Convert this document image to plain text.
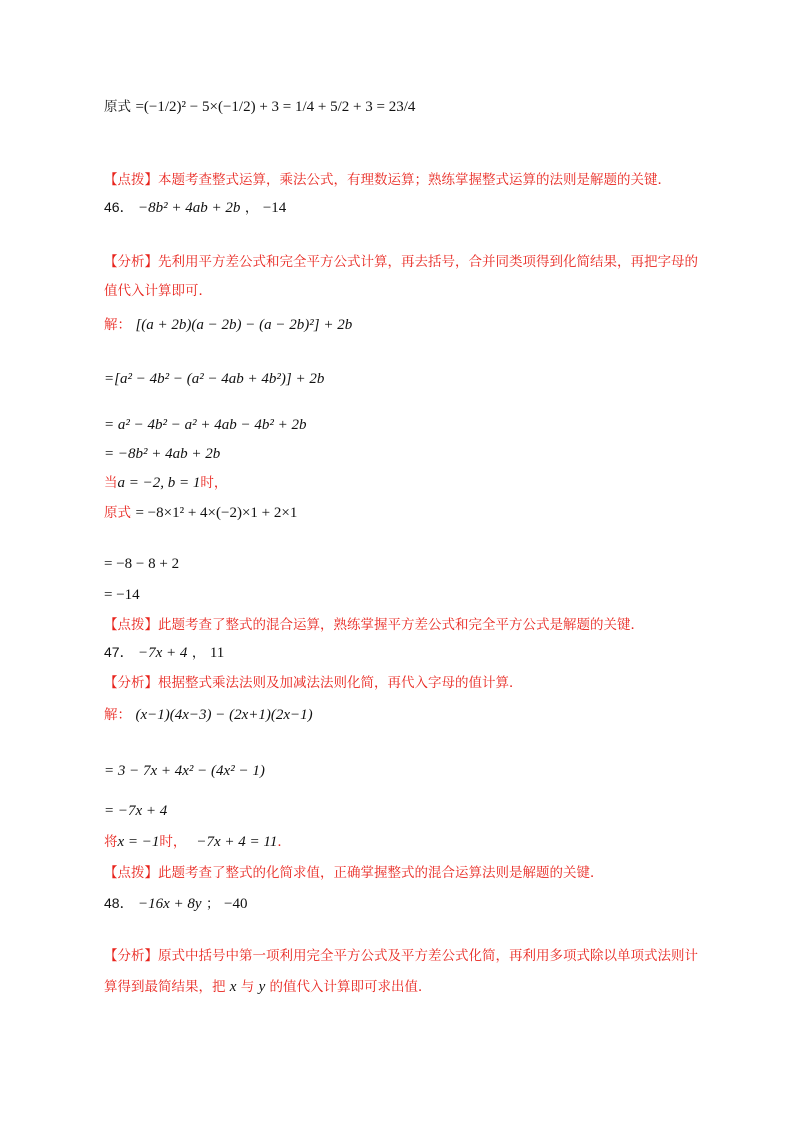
原式 =(−1/2)² − 5×(−1/2) + 3 = 1/4 + 5/2 + 3 = 23/4
【点拨】本题考查整式运算，乘法公式，有理数运算；熟练掌握整式运算的法则是解题的关键．
46． −8b² + 4ab + 2b ， −14
【分析】先利用平方差公式和完全平方公式计算，再去括号，合并同类项得到化简结果，再把字母的
值代入计算即可．
解： [(a + 2b)(a − 2b) − (a − 2b)²] + 2b
=[a² − 4b² − (a² − 4ab + 4b²)] + 2b
= a² − 4b² − a² + 4ab − 4b² + 2b
= −8b² + 4ab + 2b
当a = −2, b = 1时，
原式 = −8×1² + 4×(−2)×1 + 2×1
= −8 − 8 + 2
= −14
【点拨】此题考查了整式的混合运算，熟练掌握平方差公式和完全平方公式是解题的关键．
47． −7x + 4 ， 11
【分析】根据整式乘法法则及加减法法则化简，再代入字母的值计算．
解： (x−1)(4x−3) − (2x+1)(2x−1)
= 3 − 7x + 4x² − (4x² − 1)
= −7x + 4
将x = −1时， −7x + 4 = 11．
【点拨】此题考查了整式的化简求值，正确掌握整式的混合运算法则是解题的关键．
48． −16x + 8y ； −40
【分析】原式中括号中第一项利用完全平方公式及平方差公式化简，再利用多项式除以单项式法则计
算得到最简结果，把 x 与 y 的值代入计算即可求出值．
